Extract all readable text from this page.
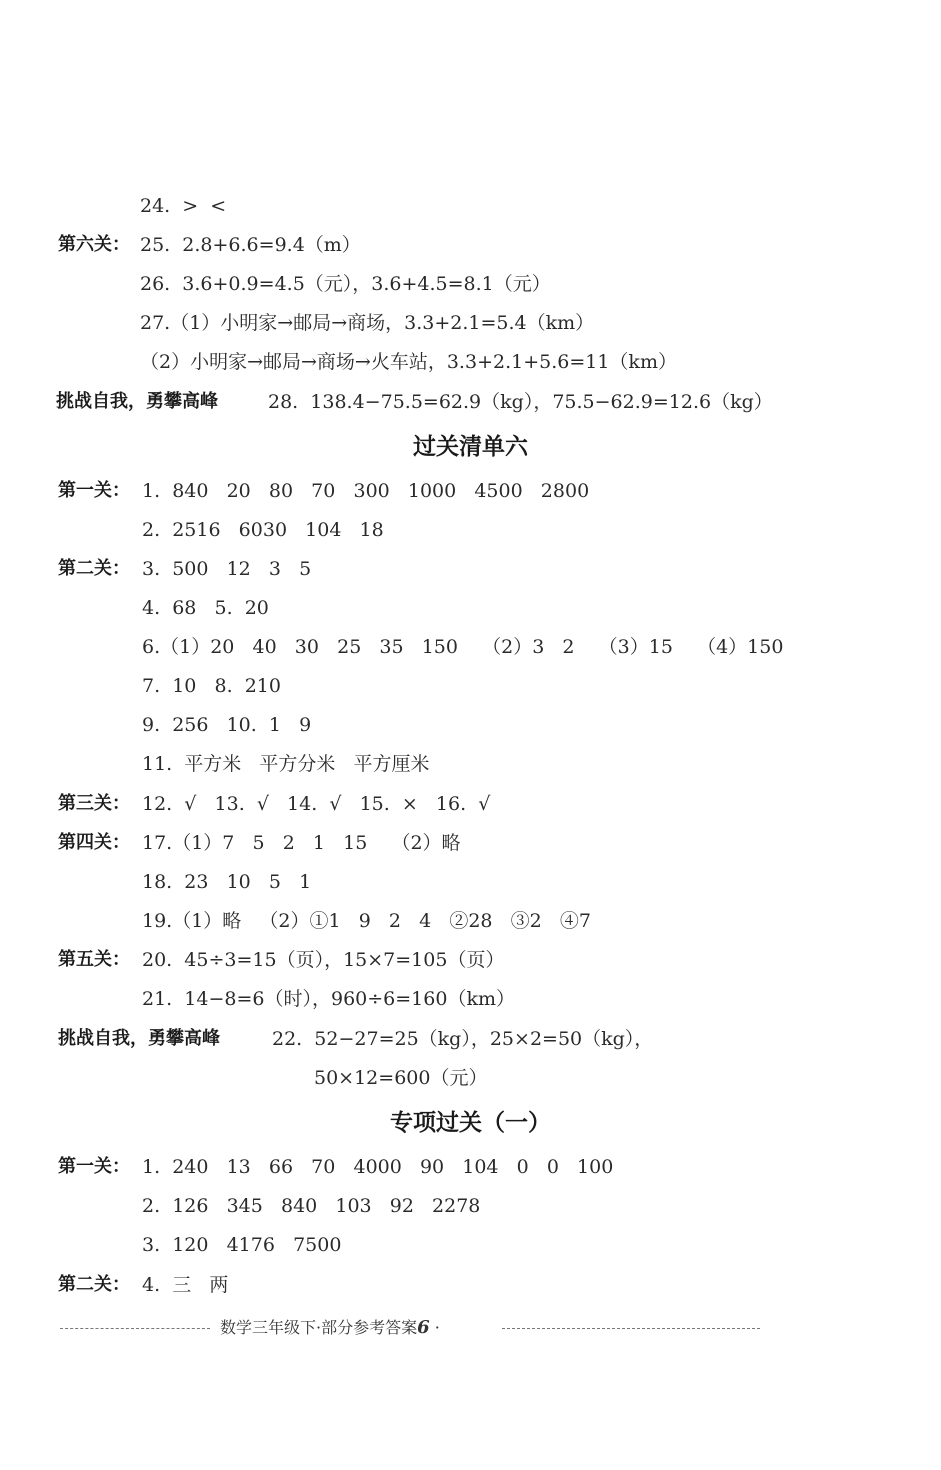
24.  >  <
第六关： 25.  2.8+6.6=9.4（m）
26.  3.6+0.9=4.5（元），3.6+4.5=8.1（元）
27.（1）小明家→邮局→商场，3.3+2.1=5.4（km）
（2）小明家→邮局→商场→火车站，3.3+2.1+5.6=11（km）
挑战自我，勇攀高峰	28.  138.4−75.5=62.9（kg），75.5−62.9=12.6（kg）
过关清单六
第一关： 1.  840   20   80   70   300   1000   4500   2800
2.  2516   6030   104   18
第二关： 3.  500   12   3   5
4.  68   5.  20
6.（1）20   40   30   25   35   150    （2）3   2    （3）15    （4）150
7.  10   8.  210
9.  256   10.  1   9
11.  平方米   平方分米   平方厘米
第三关： 12.  √   13.  √   14.  √   15.  ×   16.  √
第四关： 17.（1）7   5   2   1   15    （2）略
18.  23   10   5   1
19.（1）略   （2）①1   9   2   4   ②28   ③2   ④7
第五关： 20.  45÷3=15（页），15×7=105（页）
21.  14−8=6（时），960÷6=160（km）
挑战自我，勇攀高峰	22.  52−27=25（kg），25×2=50（kg），
50×12=600（元）
专项过关（一）
第一关： 1.  240   13   66   70   4000   90   104   0   0   100
2.  126   345   840   103   92   2278
3.  120   4176   7500
第二关： 4.  三   两
数学三年级下·部分参考答案6 ·
